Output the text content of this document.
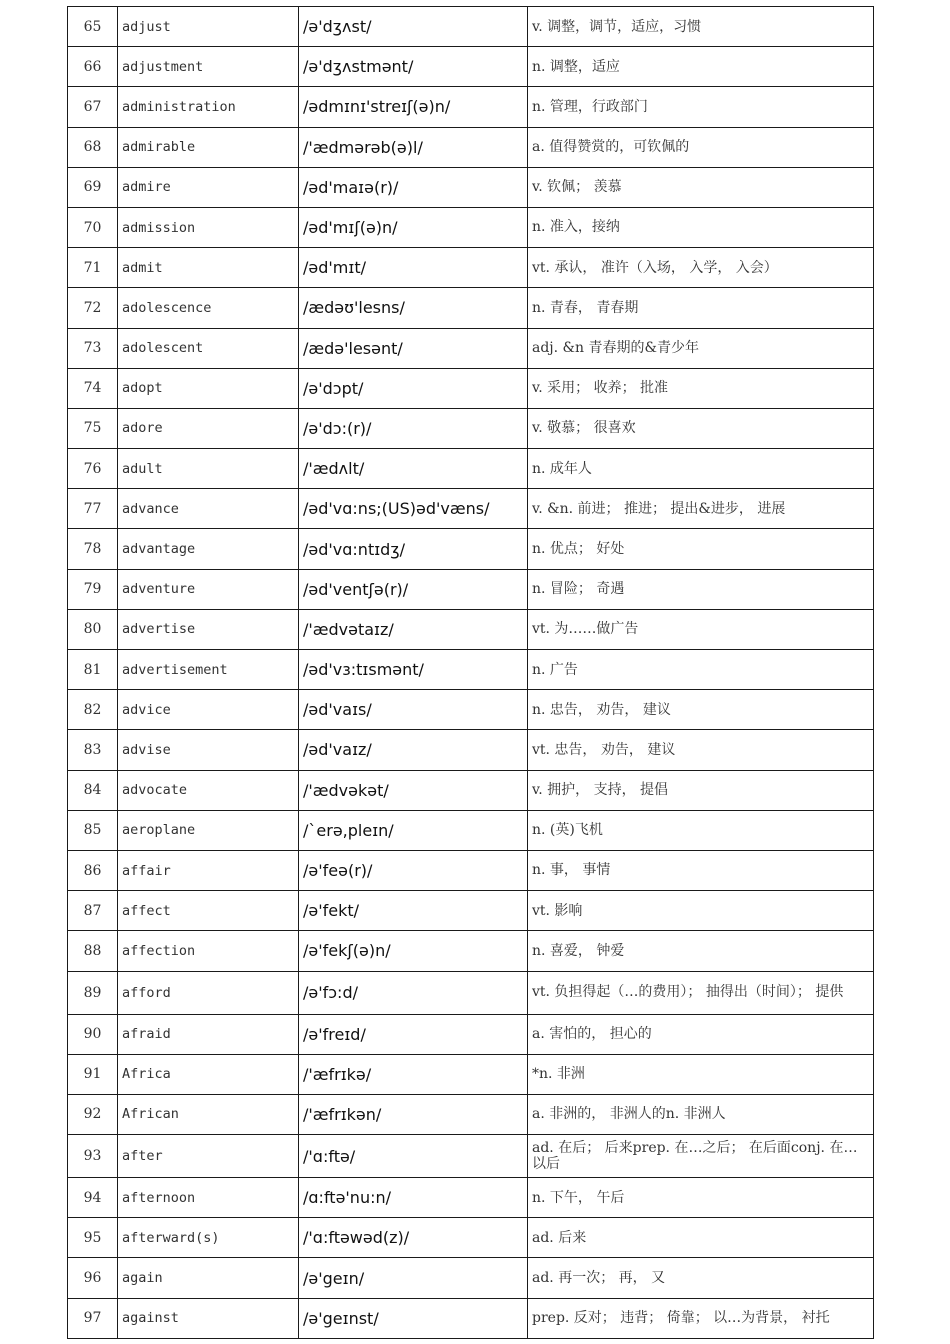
65	adjust	/ə'dʒʌst/	v. 调整，调节，适应，习惯
66	adjustment	/ə'dʒʌstmənt/	n. 调整，适应
67	administration	/ədmɪnɪ'streɪʃ(ə)n/	n. 管理，行政部门
68	admirable	/'ædmərəb(ə)l/	a. 值得赞赏的，可钦佩的
69	admire	/əd'maɪə(r)/	v. 钦佩； 羡慕
70	admission	/əd'mɪʃ(ə)n/	n. 准入，接纳
71	admit	/əd'mɪt/	vt. 承认， 准许（入场， 入学， 入会）
72	adolescence	/ædəʊ'lesns/	n. 青春， 青春期
73	adolescent	/ædə'lesənt/	adj. &n 青春期的&青少年
74	adopt	/ə'dɔpt/	v. 采用； 收养； 批准
75	adore	/ə'dɔ:(r)/	v. 敬慕； 很喜欢
76	adult	/'ædʌlt/	n. 成年人
77	advance	/əd'vɑ:ns;(US)əd'væns/	v. &n. 前进； 推进； 提出&进步， 进展
78	advantage	/əd'vɑ:ntɪdʒ/	n. 优点； 好处
79	adventure	/əd'ventʃə(r)/	n. 冒险； 奇遇
80	advertise	/'ædvətaɪz/	vt. 为……做广告
81	advertisement	/əd'vɜ:tɪsmənt/	n. 广告
82	advice	/əd'vaɪs/	n. 忠告， 劝告， 建议
83	advise	/əd'vaɪz/	vt. 忠告， 劝告， 建议
84	advocate	/'ædvəkət/	v. 拥护， 支持， 提倡
85	aeroplane	/`erə,pleɪn/	n. (英)飞机
86	affair	/ə'feə(r)/	n. 事， 事情
87	affect	/ə'fekt/	vt. 影响
88	affection	/ə'fekʃ(ə)n/	n. 喜爱， 钟爱
89	afford	/ə'fɔ:d/	vt. 负担得起（…的费用）； 抽得出（时间）； 提供
90	afraid	/ə'freɪd/	a. 害怕的， 担心的
91	Africa	/'æfrɪkə/	*n. 非洲
92	African	/'æfrɪkən/	a. 非洲的， 非洲人的n. 非洲人
93	after	/'ɑ:ftə/	ad. 在后； 后来prep. 在…之后； 在后面conj. 在…以后
94	afternoon	/ɑ:ftə'nu:n/	n. 下午， 午后
95	afterward(s)	/'ɑ:ftəwəd(z)/	ad. 后来
96	again	/ə'geɪn/	ad. 再一次； 再， 又
97	against	/ə'geɪnst/	prep. 反对； 违背； 倚靠； 以…为背景， 衬托
